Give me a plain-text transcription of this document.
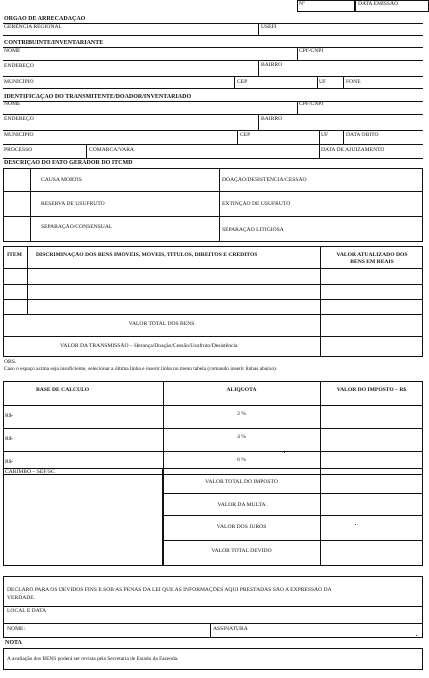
Nº	DATA EMISSÃO
ÓRGÃO DE ARRECADAÇÃO
GERÊNCIA REGIONAL	USEFI
CONTRIBUINTE/INVENTARIANTE
NOME	CPF/CNPJ
ENDEREÇO	BAIRRO
MUNICÍPIO	CEP	UF	FONE
IDENTIFICAÇÃO DO TRANSMITENTE/DOADOR/INVENTARIADO
NOME	CPF/CNPJ
ENDEREÇO	BAIRRO
MUNICÍPIO	CEP	UF	DATA ÓBITO
PROCESSO	COMARCA/VARA	DATA DE AJUIZAMENTO
DESCRIÇÃO DO FATO GERADOR DO ITCMD
CAUSA MORTIS	DOAÇÃO/DESISTÊNCIA/CESSÃO
RESERVA DE USUFRUTO	EXTINÇÃO DE USUFRUTO
SEPARAÇÃO/CONSENSUAL	SEPARAÇÃO LITIGIOSA
ITEM	DISCRIMINAÇÃO DOS BENS IMÓVEIS, MÓVEIS, TÍTULOS, DIREITOS E CRÉDITOS	VALOR ATUALIZADO DOS
BENS EM REAIS
VALOR TOTAL DOS BENS
VALOR DA TRANSMISSÃO – Herança/Doação/Cessão/Usufruto/Desistência
OBS.
Caso o espaço acima seja insuficiente, selecionar a última linha e inserir linha no menu tabela (comando inserir linhas abaixo).
BASE DE CÁLCULO	ALÍQUOTA	VALOR DO IMPOSTO – R$
R$-	2 %
R$-	4 %
R$-	6 %
CARIMBO – SEF/SC
VALOR TOTAL DO IMPOSTO
VALOR DA MULTA
VALOR DOS JUROS
VALOR TOTAL DEVIDO
DECLARO PARA OS DEVIDOS FINS E SOB AS PENAS DA LEI QUE AS INFORMAÇÕES AQUI PRESTADAS SÃO A EXPRESSÃO DA
VERDADE.
LOCAL E DATA
NOME:	ASSINATURA
NOTA
A avaliação dos BENS poderá ser revista pela Secretaria de Estado da Fazenda.
